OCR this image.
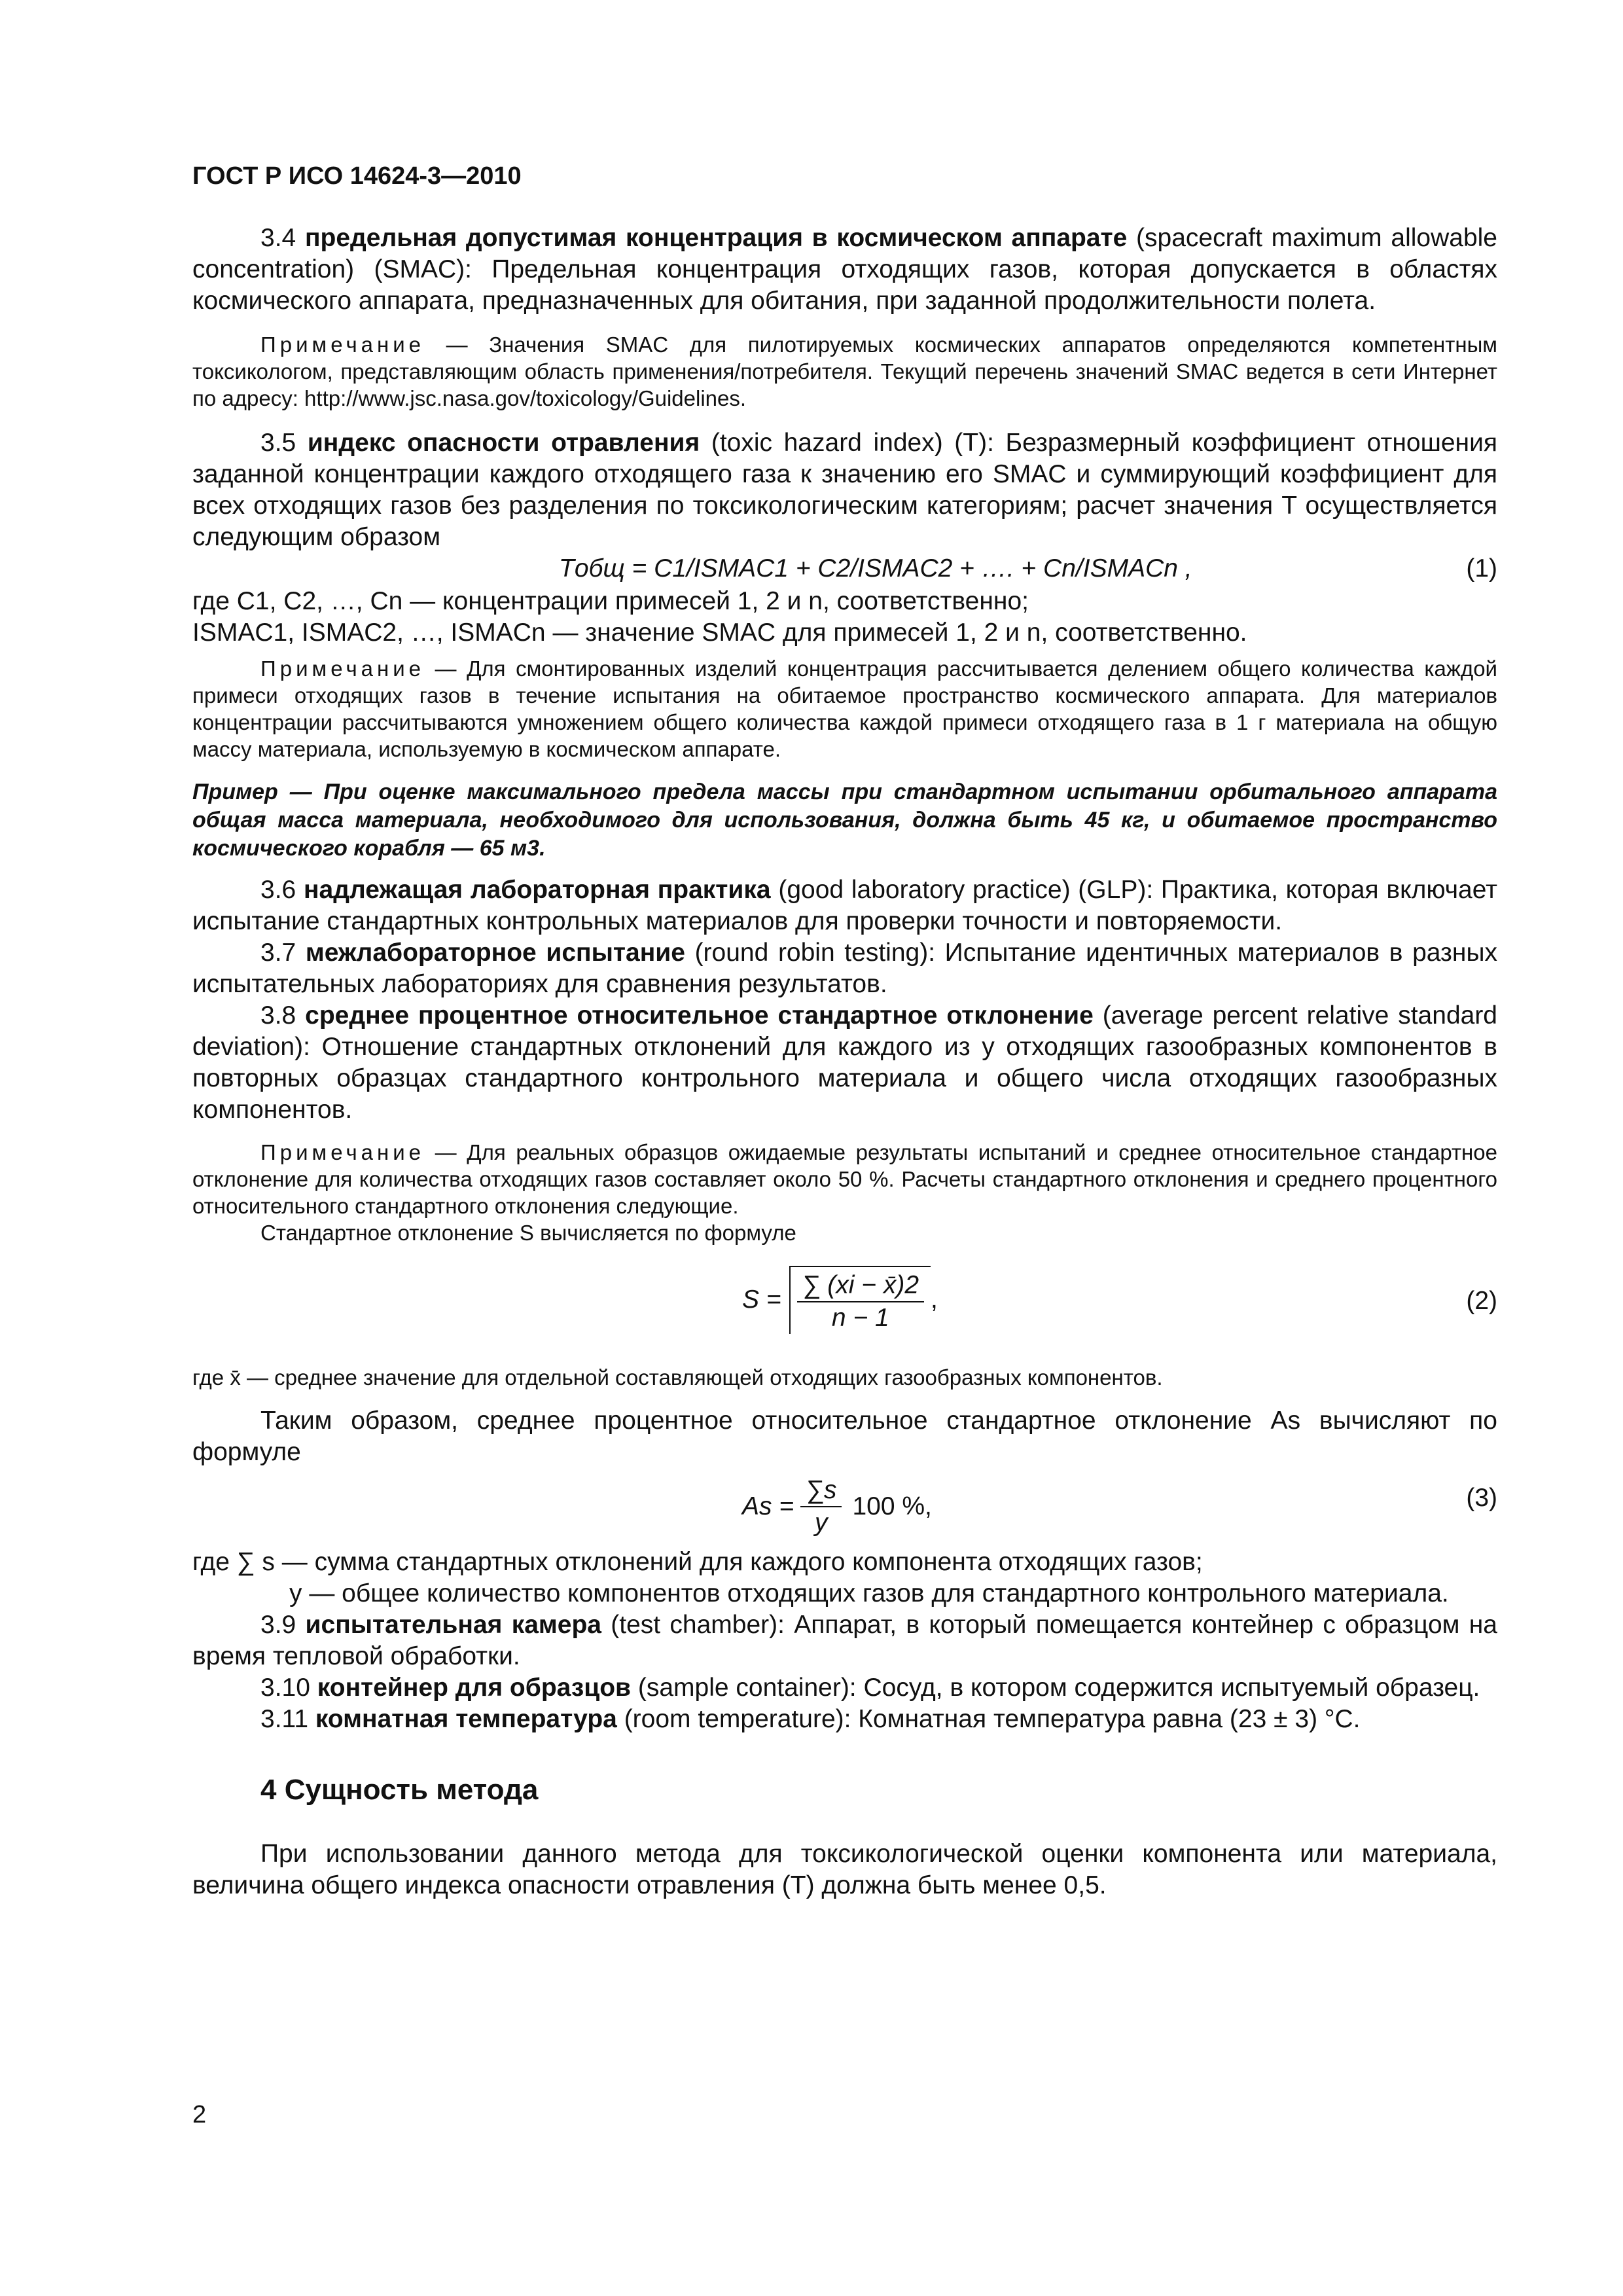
ГОСТ Р ИСО 14624-3—2010

3.4 предельная допустимая концентрация в космическом аппарате (spacecraft maximum allowable concentration) (SMAC): Предельная концентрация отходящих газов, которая допускается в областях космического аппарата, предназначенных для обитания, при заданной продолжительности полета.

Примечание — Значения SMAC для пилотируемых космических аппаратов определяются компетентным токсикологом, представляющим область применения/потребителя. Текущий перечень значений SMAC ведется в сети Интернет по адресу: http://www.jsc.nasa.gov/toxicology/Guidelines.

3.5 индекс опасности отравления (toxic hazard index) (T): Безразмерный коэффициент отношения заданной концентрации каждого отходящего газа к значению его SMAC и суммирующий коэффициент для всех отходящих газов без разделения по токсикологическим категориям; расчет значения T осуществляется следующим образом

Tобщ = C1/ISMAC1 + C2/ISMAC2 + …. + Cn/ISMACn ,	(1)

где C1, C2, …, Cn — концентрации примесей 1, 2 и n, соответственно;

ISMAC1, ISMAC2, …, ISMACn — значение SMAC для примесей 1, 2 и n, соответственно.

Примечание — Для смонтированных изделий концентрация рассчитывается делением общего количества каждой примеси отходящих газов в течение испытания на обитаемое пространство космического аппарата. Для материалов концентрации рассчитываются умножением общего количества каждой примеси отходящего газа в 1 г материала на общую массу материала, используемую в космическом аппарате.

Пример — При оценке максимального предела массы при стандартном испытании орбитального аппарата общая масса материала, необходимого для использования, должна быть 45 кг, и обитаемое пространство космического корабля — 65 м3.

3.6 надлежащая лабораторная практика (good laboratory practice) (GLP): Практика, которая включает испытание стандартных контрольных материалов для проверки точности и повторяемости.

3.7 межлабораторное испытание (round robin testing): Испытание идентичных материалов в разных испытательных лабораториях для сравнения результатов.

3.8 среднее процентное относительное стандартное отклонение (average percent relative standard deviation): Отношение стандартных отклонений для каждого из y отходящих газообразных компонентов в повторных образцах стандартного контрольного материала и общего числа отходящих газообразных компонентов.

Примечание — Для реальных образцов ожидаемые результаты испытаний и среднее относительное стандартное отклонение для количества отходящих газов составляет около 50 %. Расчеты стандартного отклонения и среднего процентного относительного стандартного отклонения следующие.

Стандартное отклонение S вычисляется по формуле

$S = \frac{\sum (xi - x̄)2}{n - 1}$ ,	(2)

где x̄ — среднее значение для отдельной составляющей отходящих газообразных компонентов.

Таким образом, среднее процентное относительное стандартное отклонение As вычисляют по формуле

$As = \frac{\sum s}{y} 100$ %,	(3)

где ∑ s — сумма стандартных отклонений для каждого компонента отходящих газов;

y — общее количество компонентов отходящих газов для стандартного контрольного материала.

3.9 испытательная камера (test chamber): Аппарат, в который помещается контейнер с образцом на время тепловой обработки.

3.10 контейнер для образцов (sample container): Сосуд, в котором содержится испытуемый образец.

3.11 комнатная температура (room temperature): Комнатная температура равна (23 ± 3) °C.

4 Сущность метода

При использовании данного метода для токсикологической оценки компонента или материала, величина общего индекса опасности отравления (T) должна быть менее 0,5.

2
